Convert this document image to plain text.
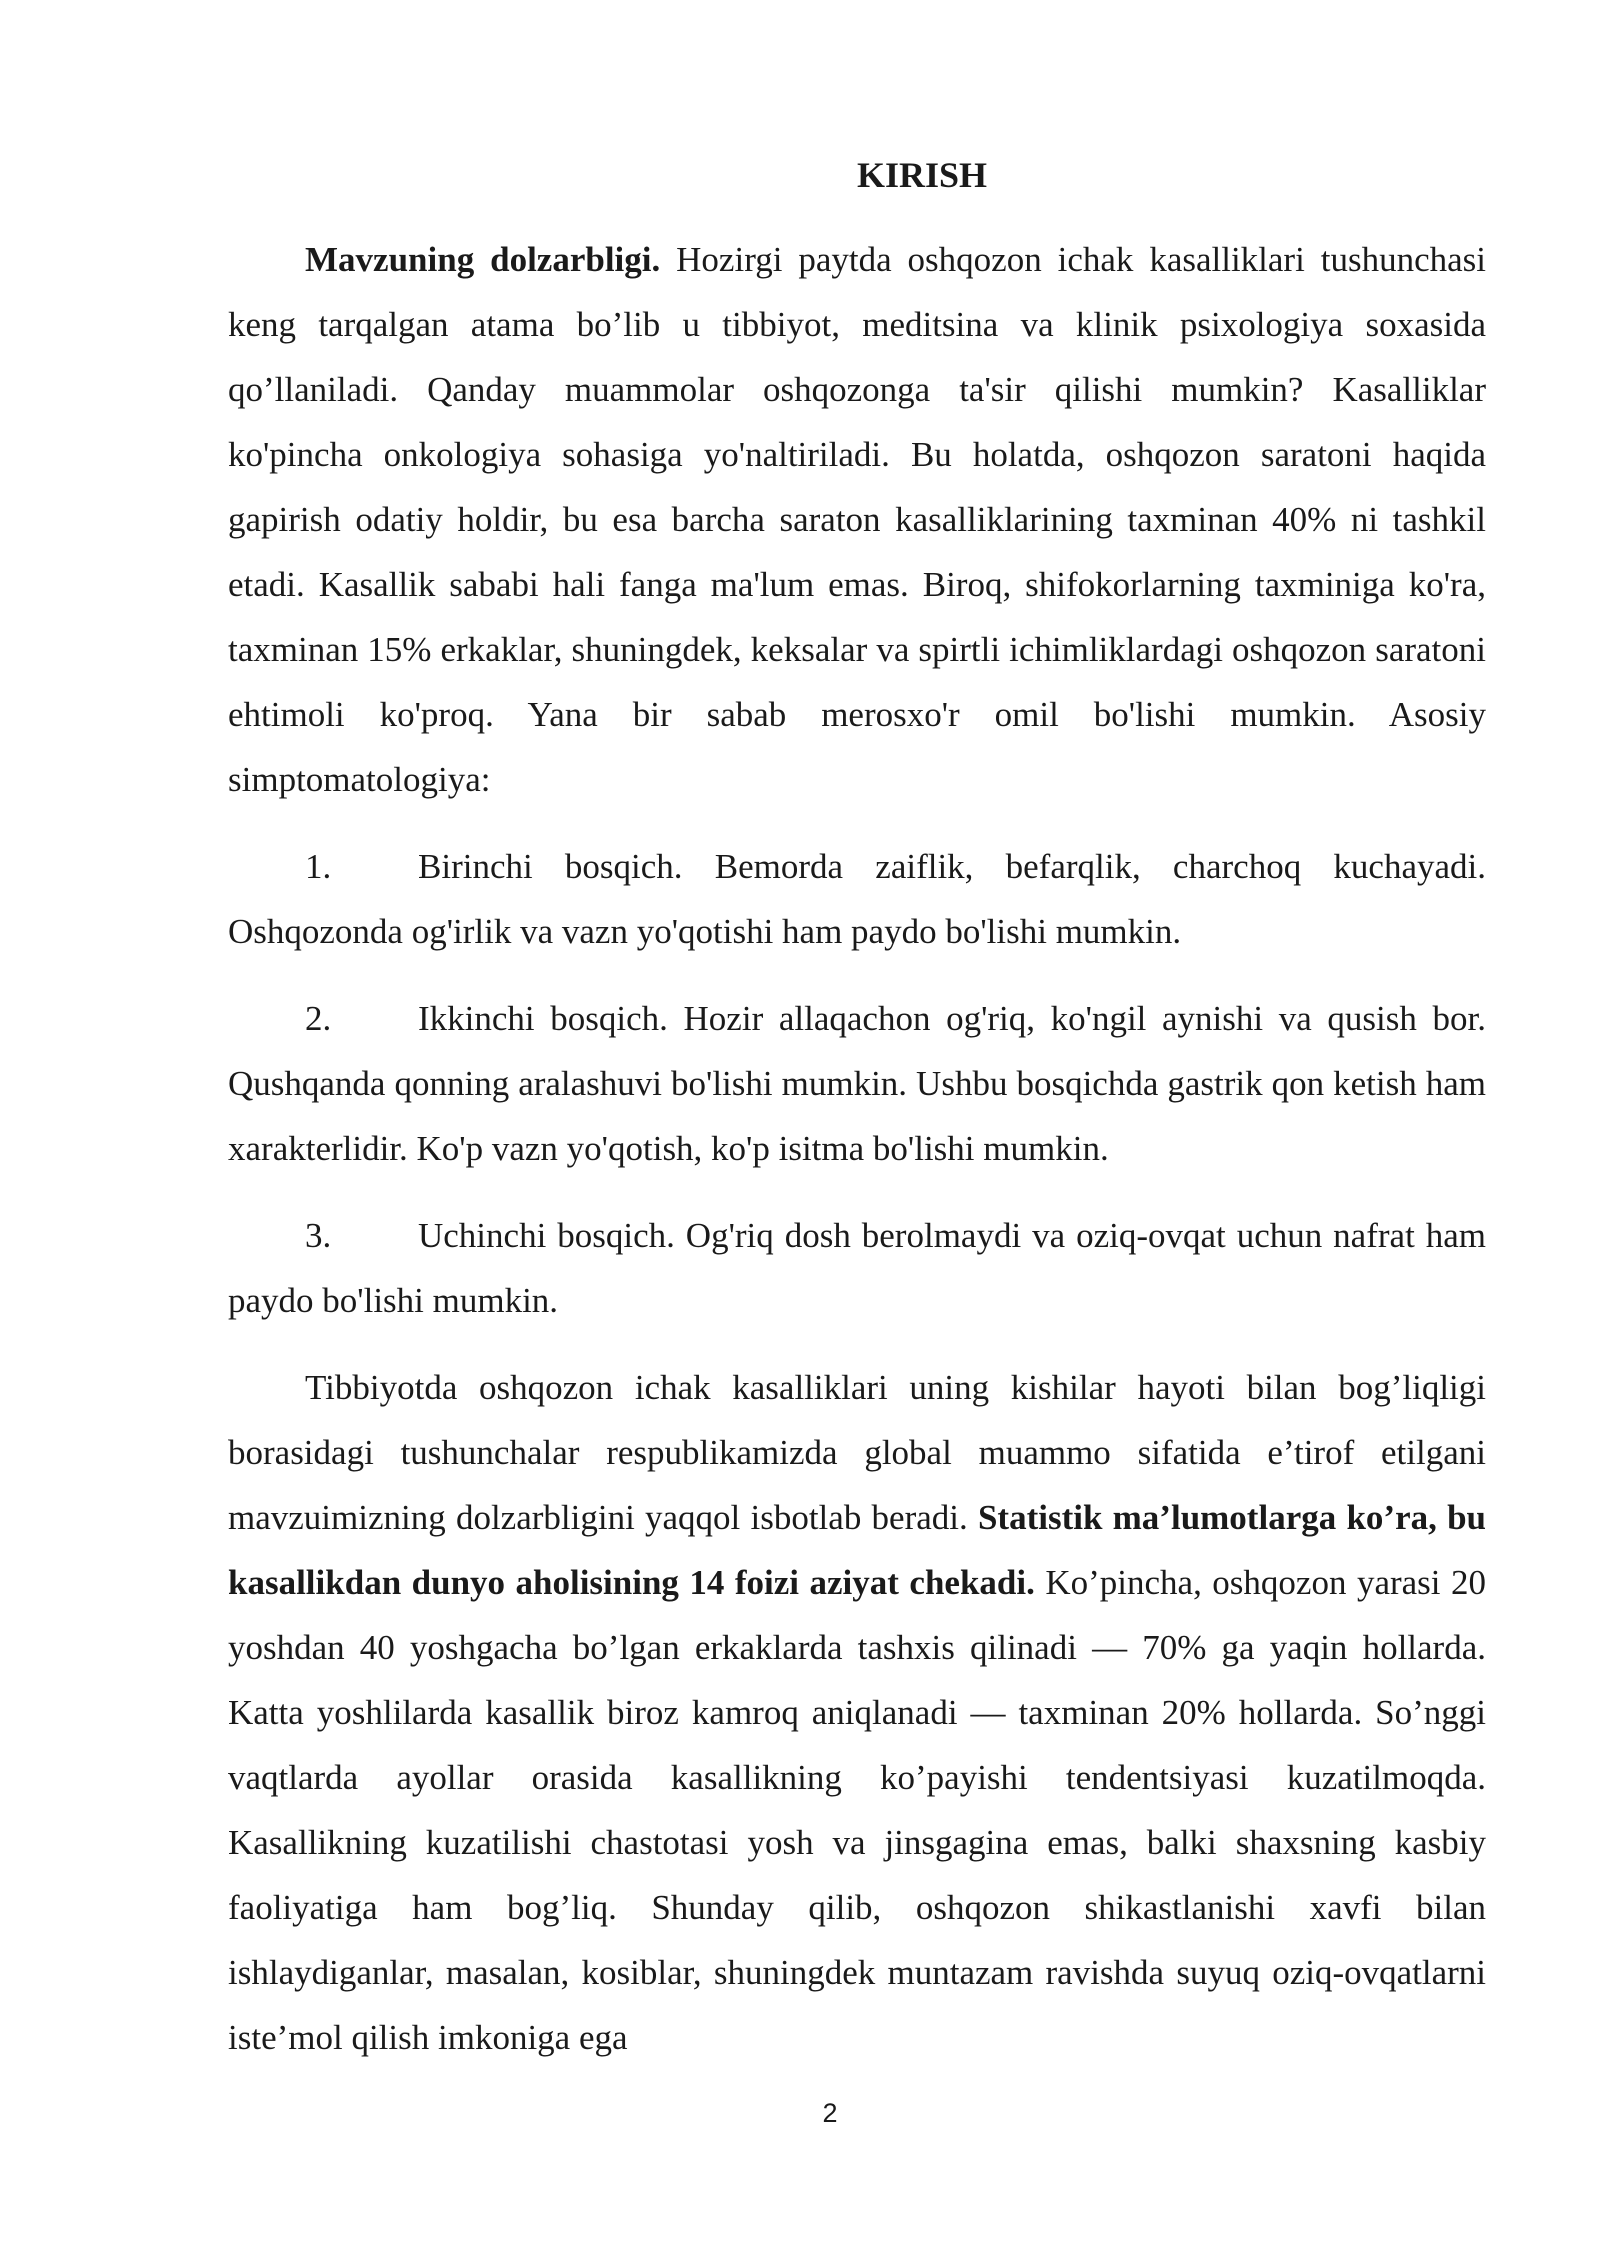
KIRISH

Mavzuning dolzarbligi. Hozirgi paytda oshqozon ichak kasalliklari tushunchasi keng tarqalgan atama bo’lib u tibbiyot, meditsina va klinik psixologiya soxasida qo’llaniladi. Qanday muammolar oshqozonga ta'sir qilishi mumkin? Kasalliklar ko'pincha onkologiya sohasiga yo'naltiriladi. Bu holatda, oshqozon saratoni haqida gapirish odatiy holdir, bu esa barcha saraton kasalliklarining taxminan 40% ni tashkil etadi. Kasallik sababi hali fanga ma'lum emas. Biroq, shifokorlarning taxminiga ko'ra, taxminan 15% erkaklar, shuningdek, keksalar va spirtli ichimliklardagi oshqozon saratoni ehtimoli ko'proq. Yana bir sabab merosxo'r omil bo'lishi mumkin. Asosiy simptomatologiya:

1. Birinchi bosqich. Bemorda zaiflik, befarqlik, charchoq kuchayadi. Oshqozonda og'irlik va vazn yo'qotishi ham paydo bo'lishi mumkin.

2. Ikkinchi bosqich. Hozir allaqachon og'riq, ko'ngil aynishi va qusish bor. Qushqanda qonning aralashuvi bo'lishi mumkin. Ushbu bosqichda gastrik qon ketish ham xarakterlidir. Ko'p vazn yo'qotish, ko'p isitma bo'lishi mumkin.

3. Uchinchi bosqich. Og'riq dosh berolmaydi va oziq-ovqat uchun nafrat ham paydo bo'lishi mumkin.

Tibbiyotda oshqozon ichak kasalliklari uning kishilar hayoti bilan bog’liqligi borasidagi tushunchalar respublikamizda global muammo sifatida e’tirof etilgani mavzuimizning dolzarbligini yaqqol isbotlab beradi. Statistik ma’lumotlarga ko’ra, bu kasallikdan dunyo aholisining 14 foizi aziyat chekadi. Ko’pincha, oshqozon yarasi 20 yoshdan 40 yoshgacha bo’lgan erkaklarda tashxis qilinadi — 70% ga yaqin hollarda. Katta yoshlilarda kasallik biroz kamroq aniqlanadi — taxminan 20% hollarda. So’nggi vaqtlarda ayollar orasida kasallikning ko’payishi tendentsiyasi kuzatilmoqda. Kasallikning kuzatilishi chastotasi yosh va jinsgagina emas, balki shaxsning kasbiy faoliyatiga ham bog’liq. Shunday qilib, oshqozon shikastlanishi xavfi bilan ishlaydiganlar, masalan, kosiblar, shuningdek muntazam ravishda suyuq oziq-ovqatlarni iste’mol qilish imkoniga ega

2
